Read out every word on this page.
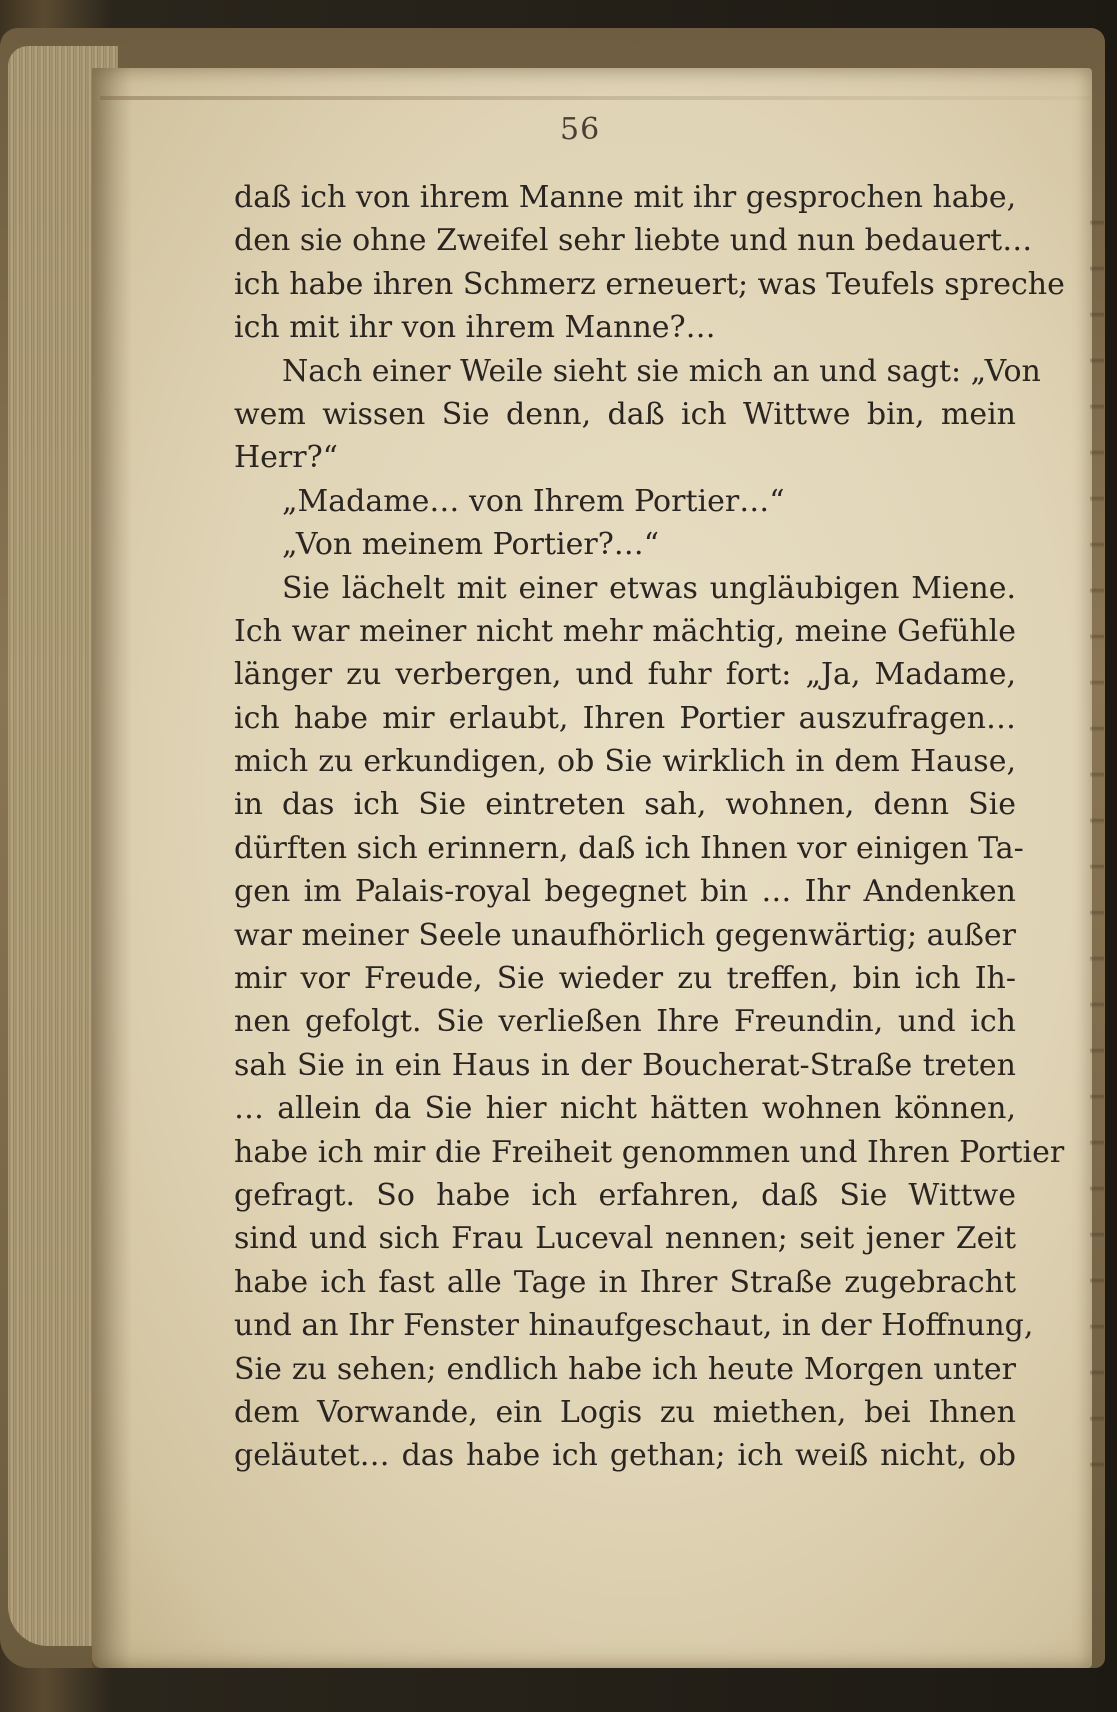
56
daß ich von ihrem Manne mit ihr gesprochen habe,
den sie ohne Zweifel sehr liebte und nun bedauert…
ich habe ihren Schmerz erneuert; was Teufels spreche
ich mit ihr von ihrem Manne?…
Nach einer Weile sieht sie mich an und sagt: „Von
wem wissen Sie denn, daß ich Wittwe bin, mein
Herr?“
„Madame… von Ihrem Portier…“
„Von meinem Portier?…“
Sie lächelt mit einer etwas ungläubigen Miene.
Ich war meiner nicht mehr mächtig, meine Gefühle
länger zu verbergen, und fuhr fort: „Ja, Madame,
ich habe mir erlaubt, Ihren Portier auszufragen…
mich zu erkundigen, ob Sie wirklich in dem Hause,
in das ich Sie eintreten sah, wohnen, denn Sie
dürften sich erinnern, daß ich Ihnen vor einigen Ta-
gen im Palais-royal begegnet bin … Ihr Andenken
war meiner Seele unaufhörlich gegenwärtig; außer
mir vor Freude, Sie wieder zu treffen, bin ich Ih-
nen gefolgt. Sie verließen Ihre Freundin, und ich
sah Sie in ein Haus in der Boucherat-Straße treten
… allein da Sie hier nicht hätten wohnen können,
habe ich mir die Freiheit genommen und Ihren Portier
gefragt. So habe ich erfahren, daß Sie Wittwe
sind und sich Frau Luceval nennen; seit jener Zeit
habe ich fast alle Tage in Ihrer Straße zugebracht
und an Ihr Fenster hinaufgeschaut, in der Hoffnung,
Sie zu sehen; endlich habe ich heute Morgen unter
dem Vorwande, ein Logis zu miethen, bei Ihnen
geläutet… das habe ich gethan; ich weiß nicht, ob
